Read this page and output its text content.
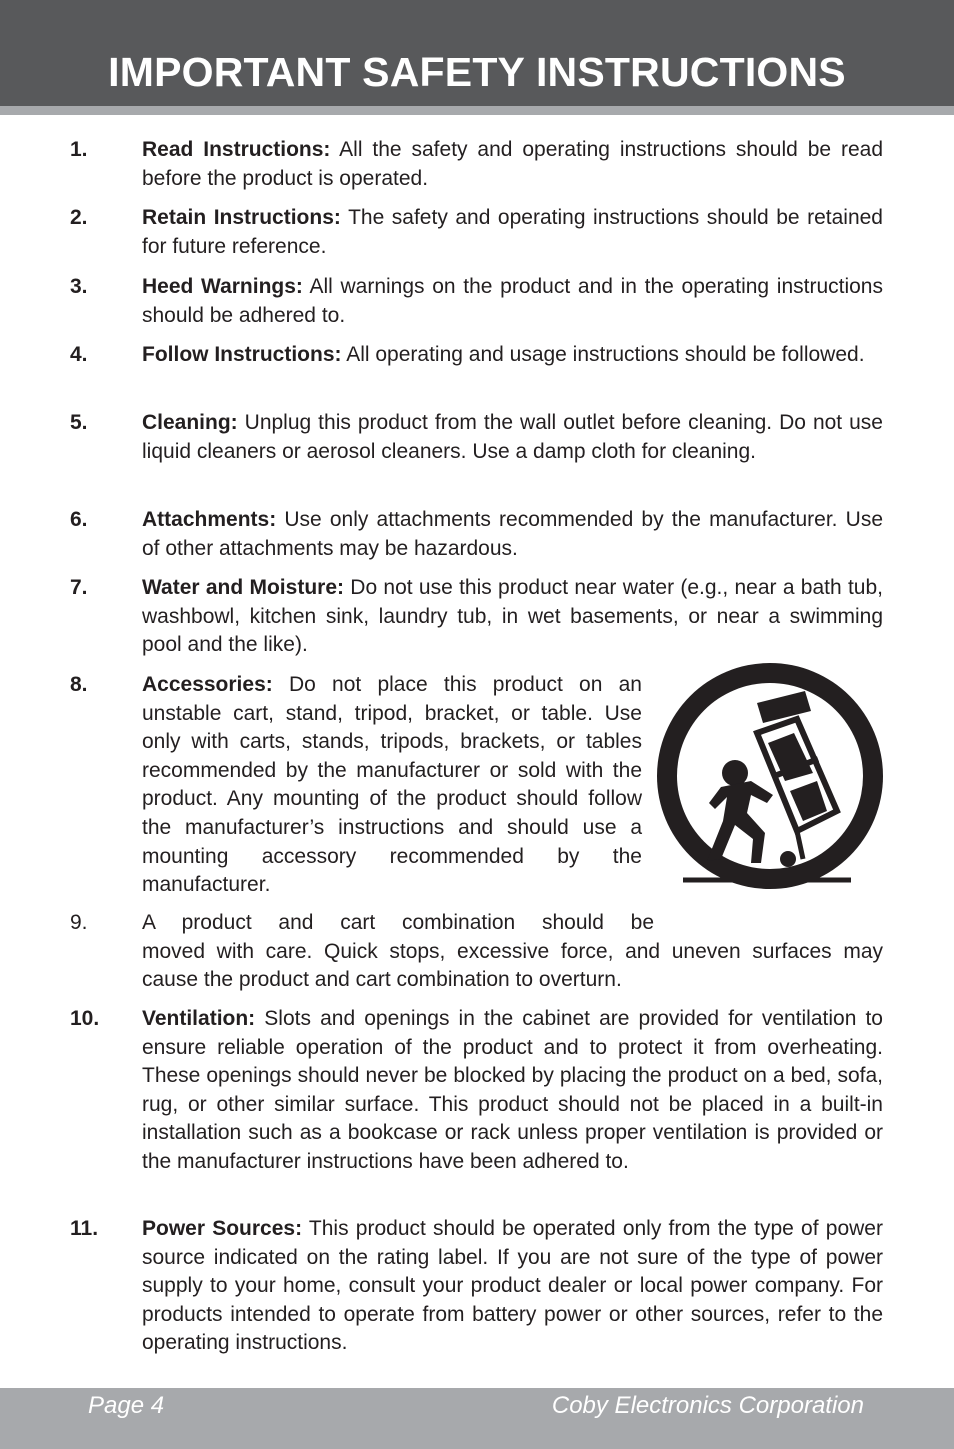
IMPORTANT SAFETY INSTRUCTIONS
1.	Read Instructions: All the safety and operating instructions should be read before the product is operated.

2.	Retain Instructions: The safety and operating instructions should be retained for future reference.

3.	Heed Warnings: All warnings on the product and in the operating instructions should be adhered to.

4.	Follow Instructions: All operating and usage instructions should be followed.

5.	Cleaning: Unplug this product from the wall outlet before cleaning. Do not use liquid cleaners or aerosol cleaners. Use a damp cloth for cleaning.

6.	Attachments: Use only attachments recommended by the manufacturer. Use of other attachments may be hazardous.

7.	Water and Moisture: Do not use this product near water (e.g., near a bath tub, washbowl, kitchen sink, laundry tub, in wet basements, or near a swimming pool and the like).

8.	Accessories: Do not place this product on an unstable cart, stand, tripod, bracket, or table. Use only with carts, stands, tripods, brackets, or tables recommended by the manufacturer or sold with the product. Any mounting of the product should follow the manufacturer’s instructions and should use a mounting accessory recommended by the manufacturer.

9.	A product and cart combination should be
moved with care. Quick stops, excessive force, and uneven surfaces may cause the product and cart combination to overturn.

10. Ventilation: Slots and openings in the cabinet are provided for ventilation to ensure reliable operation of the product and to protect it from overheating. These openings should never be blocked by placing the product on a bed, sofa, rug, or other similar surface. This product should not be placed in a built-in installation such as a bookcase or rack unless proper ventilation is provided or the manufacturer instructions have been adhered to.

11. Power Sources: This product should be operated only from the type of power source indicated on the rating label. If you are not sure of the type of power supply to your home, consult your product dealer or local power company. For products intended to operate from battery power or other sources, refer to the operating instructions.

Page 4	Coby Electronics Corporation
